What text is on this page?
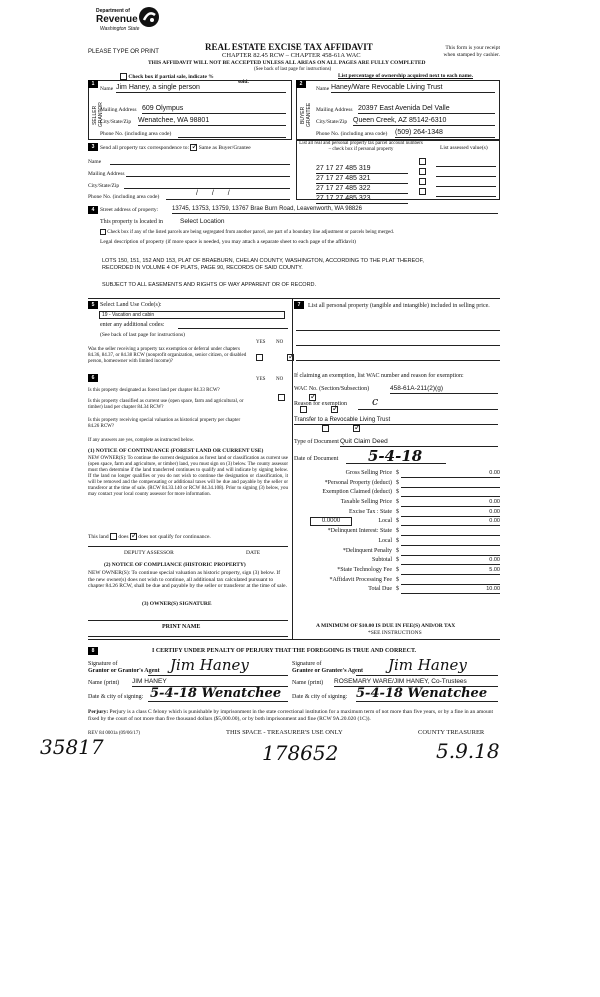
Department of
Revenue
Washington State
PLEASE TYPE OR PRINT	REAL ESTATE EXCISE TAX AFFIDAVIT
CHAPTER 82.45 RCW – CHAPTER 458-61A WAC
This form is your receipt
when stamped by cashier.
THIS AFFIDAVIT WILL NOT BE ACCEPTED UNLESS ALL AREAS ON ALL PAGES ARE FULLY COMPLETED
(See back of last page for instructions)
Check box if partial sale, indicate %
sold.
List percentage of ownership acquired next to each name.
1	2
SELLER GRANTOR	BUYER GRANTEE
Name Jim Haney, a single person
Mailing Address 609 Olympus
City/State/Zip Wenatchee, WA 98801
Phone No. (including area code)
Name Haney/Ware Revocable Living Trust
Mailing Address 20397 East Avenida Del Valle
City/State/Zip Queen Creek, AZ 85142-6310
Phone No. (including area code) (509) 264-1348
3	Send all property tax correspondence to: ✓ Same as Buyer/Grantee
Name
Mailing Address
City/State/Zip
Phone No. (including area code)	/ / /
List all real and personal property tax parcel account numbers – check box if personal property	List assessed value(s)
27 17 27 485 319
27 17 27 485 321
27 17 27 485 322
27 17 27 485 323
4	Street address of property: 13745, 13753, 13759, 13767 Brae Burn Road, Leavenworth, WA 98826
This property is located in	Select Location
Check box if any of the listed parcels are being segregated from another parcel, are part of a boundary line adjustment or parcels being merged.
Legal description of property (if more space is needed, you may attach a separate sheet to each page of the affidavit)
LOTS 150, 151, 152 AND 153, PLAT OF BRAEBURN, CHELAN COUNTY, WASHINGTON, ACCORDING TO THE PLAT THEREOF,
RECORDED IN VOLUME 4 OF PLATS, PAGE 90, RECORDS OF SAID COUNTY.
SUBJECT TO ALL EASEMENTS AND RIGHTS OF WAY APPARENT OR OF RECORD.
5 Select Land Use Code(s):
19 - Vacation and cabin
enter any additional codes:
(See back of last page for instructions)
YES NO
Was the seller receiving a property tax exemption or deferral under chapters 84.36, 84.37, or 84.38 RCW (nonprofit organization, senior citizen, or disabled person, homeowner with limited income)?
✓
6	YES NO
Is this property designated as forest land per chapter 84.33 RCW?
✓
Is this property classified as current use (open space, farm and agricultural, or timber) land per chapter 84.34 RCW?
✓
Is this property receiving special valuation as historical property per chapter 84.26 RCW?
✓
If any answers are yes, complete as instructed below.
(1) NOTICE OF CONTINUANCE (FOREST LAND OR CURRENT USE)
NEW OWNER(S): To continue the current designation as forest land or classification as current use (open space, farm and agriculture, or timber) land, you must sign on (3) below. The county assessor must then determine if the land transferred continues to qualify and will indicate by signing below. If the land no longer qualifies or you do not wish to continue the designation or classification, it will be removed and the compensating or additional taxes will be due and payable by the seller or transferor at the time of sale. (RCW 84.33.140 or RCW 84.34.108). Prior to signing (3) below, you may contact your local county assessor for more information.
This land does ✓ does not qualify for continuance.
DEPUTY ASSESSOR	DATE
(2) NOTICE OF COMPLIANCE (HISTORIC PROPERTY)
NEW OWNER(S): To continue special valuation as historic property, sign (3) below. If the new owner(s) does not wish to continue, all additional tax calculated pursuant to chapter 84.26 RCW, shall be due and payable by the seller or transferor at the time of sale.
(3) OWNER(S) SIGNATURE
PRINT NAME
7	List all personal property (tangible and intangible) included in selling price.
If claiming an exemption, list WAC number and reason for exemption:
WAC No. (Section/Subsection)	458-61A-211(2)(g)
Reason for exemption c
Transfer to a Revocable Living Trust
Type of Document Quit Claim Deed
Date of Document 5-4-18
Gross Selling Price $	0.00
*Personal Property (deduct) $
Exemption Claimed (deduct) $
Taxable Selling Price $	0.00
Excise Tax : State $	0.00
0.0000	Local $	0.00
*Delinquent Interest: State $
Local $
*Delinquent Penalty $
Subtotal $	0.00
*State Technology Fee $	5.00
*Affidavit Processing Fee $
Total Due $	10.00
A MINIMUM OF $10.00 IS DUE IN FEE(S) AND/OR TAX
*SEE INSTRUCTIONS
8	I CERTIFY UNDER PENALTY OF PERJURY THAT THE FOREGOING IS TRUE AND CORRECT.
Signature of
Grantor or Grantor's Agent Jim Haney
Name (print) JIM HANEY
Date & city of signing: 5-4-18 Wenatchee
Signature of
Grantee or Grantee's Agent Jim Haney
Name (print) ROSEMARY WARE/JIM HANEY, Co-Trustees
Date & city of signing: 5-4-18 Wenatchee
Perjury: Perjury is a class C felony which is punishable by imprisonment in the state correctional institution for a maximum term of not more than five years, or by a fine in an amount fixed by the court of not more than five thousand dollars ($5,000.00), or by both imprisonment and fine (RCW 9A.20.020 (1C)).
REV 84 0001a (09/06/17)	THIS SPACE - TREASURER'S USE ONLY	COUNTY TREASURER
35817	178652	5.9.18
